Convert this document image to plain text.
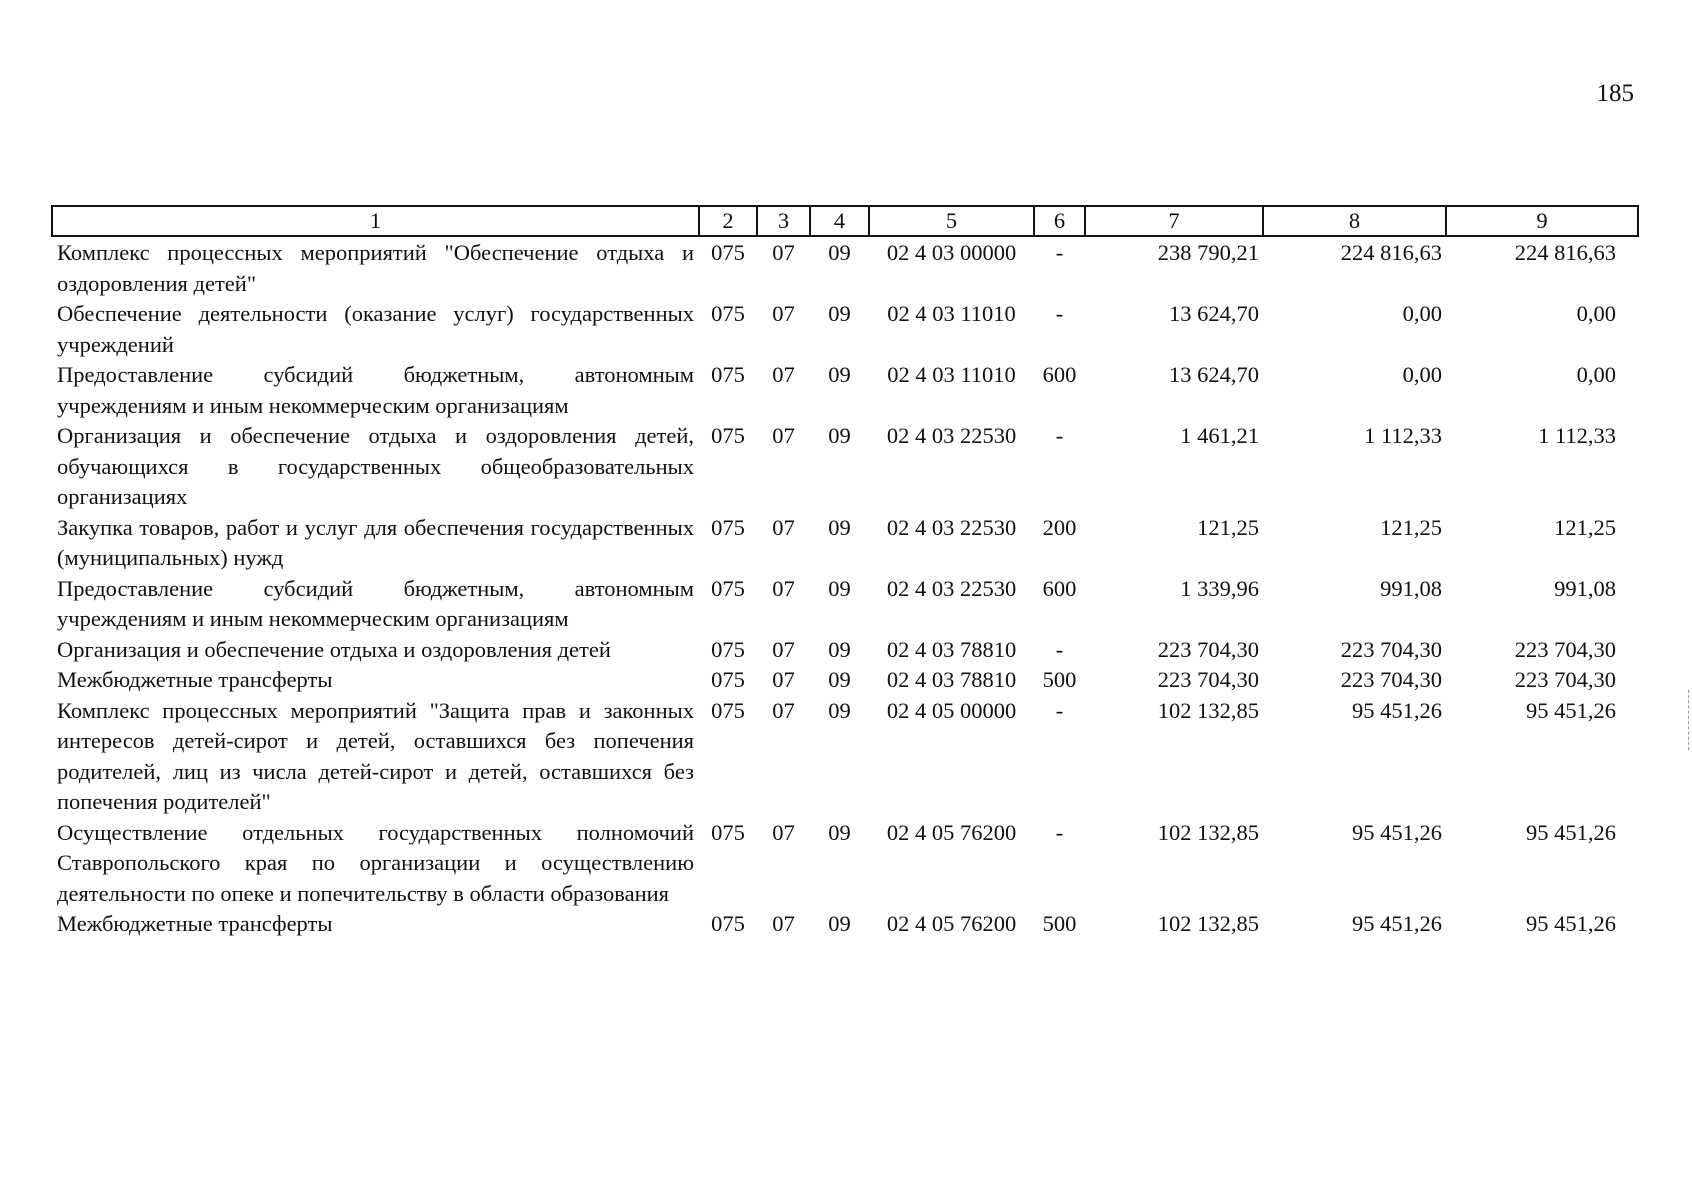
185
1	2	3	4	5	6	7	8	9
Комплекс процессных мероприятий "Обеспечение отдыха и оздоровления детей"	075	07	09	02 4 03 00000	-	238 790,21	224 816,63	224 816,63
Обеспечение деятельности (оказание услуг) государственных учреждений	075	07	09	02 4 03 11010	-	13 624,70	0,00	0,00
Предоставление субсидий бюджетным, автономным учреждениям и иным некоммерческим организациям	075	07	09	02 4 03 11010	600	13 624,70	0,00	0,00
Организация и обеспечение отдыха и оздоровления детей, обучающихся в государственных общеобразовательных организациях	075	07	09	02 4 03 22530	-	1 461,21	1 112,33	1 112,33
Закупка товаров, работ и услуг для обеспечения государственных (муниципальных) нужд	075	07	09	02 4 03 22530	200	121,25	121,25	121,25
Предоставление субсидий бюджетным, автономным учреждениям и иным некоммерческим организациям	075	07	09	02 4 03 22530	600	1 339,96	991,08	991,08
Организация и обеспечение отдыха и оздоровления детей	075	07	09	02 4 03 78810	-	223 704,30	223 704,30	223 704,30
Межбюджетные трансферты	075	07	09	02 4 03 78810	500	223 704,30	223 704,30	223 704,30
Комплекс процессных мероприятий "Защита прав и законных интересов детей-сирот и детей, оставшихся без попечения родителей, лиц из числа детей-сирот и детей, оставшихся без попечения родителей"	075	07	09	02 4 05 00000	-	102 132,85	95 451,26	95 451,26
Осуществление отдельных государственных полномочий Ставропольского края по организации и осуществлению деятельности по опеке и попечительству в области образования	075	07	09	02 4 05 76200	-	102 132,85	95 451,26	95 451,26
Межбюджетные трансферты	075	07	09	02 4 05 76200	500	102 132,85	95 451,26	95 451,26
